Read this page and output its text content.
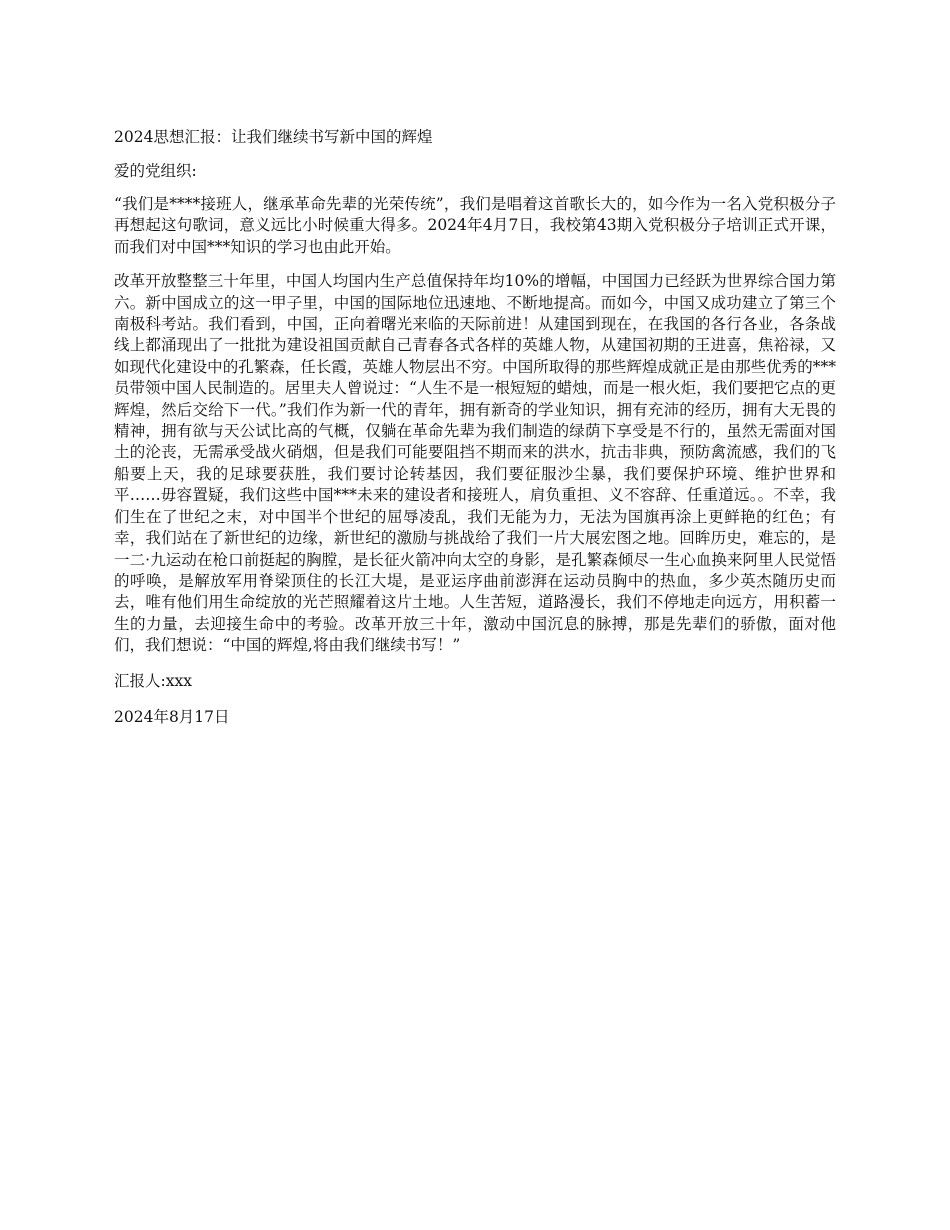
2024思想汇报：让我们继续书写新中国的辉煌

爱的党组织:

“我们是****接班人，继承革命先辈的光荣传统”，我们是唱着这首歌长大的，如今作为一名入党积极分子再想起这句歌词，意义远比小时候重大得多。2024年4月7日，我校第43期入党积极分子培训正式开课，而我们对中国***知识的学习也由此开始。

改革开放整整三十年里，中国人均国内生产总值保持年均10%的增幅，中国国力已经跃为世界综合国力第六。新中国成立的这一甲子里，中国的国际地位迅速地、不断地提高。而如今，中国又成功建立了第三个南极科考站。我们看到，中国，正向着曙光来临的天际前进！从建国到现在，在我国的各行各业，各条战线上都涌现出了一批批为建设祖国贡献自己青春各式各样的英雄人物，从建国初期的王进喜，焦裕禄，又如现代化建设中的孔繁森，任长霞，英雄人物层出不穷。中国所取得的那些辉煌成就正是由那些优秀的***员带领中国人民制造的。居里夫人曾说过：“人生不是一根短短的蜡烛，而是一根火炬，我们要把它点的更辉煌，然后交给下一代。”我们作为新一代的青年，拥有新奇的学业知识，拥有充沛的经历，拥有大无畏的精神，拥有欲与天公试比高的气概，仅躺在革命先辈为我们制造的绿荫下享受是不行的，虽然无需面对国土的沦丧，无需承受战火硝烟，但是我们可能要阻挡不期而来的洪水，抗击非典，预防禽流感，我们的飞船要上天，我的足球要获胜，我们要讨论转基因，我们要征服沙尘暴，我们要保护环境、维护世界和平……毋容置疑，我们这些中国***未来的建设者和接班人，肩负重担、义不容辞、任重道远。。不幸，我们生在了世纪之末，对中国半个世纪的屈辱凌乱，我们无能为力，无法为国旗再涂上更鲜艳的红色；有幸，我们站在了新世纪的边缘，新世纪的激励与挑战给了我们一片大展宏图之地。回眸历史，难忘的，是一二·九运动在枪口前挺起的胸膛，是长征火箭冲向太空的身影，是孔繁森倾尽一生心血换来阿里人民觉悟的呼唤，是解放军用脊梁顶住的长江大堤，是亚运序曲前澎湃在运动员胸中的热血，多少英杰随历史而去，唯有他们用生命绽放的光芒照耀着这片土地。人生苦短，道路漫长，我们不停地走向远方，用积蓄一生的力量，去迎接生命中的考验。改革开放三十年，激动中国沉息的脉搏，那是先辈们的骄傲，面对他们，我们想说：“中国的辉煌,将由我们继续书写！”

汇报人:xxx

2024年8月17日
